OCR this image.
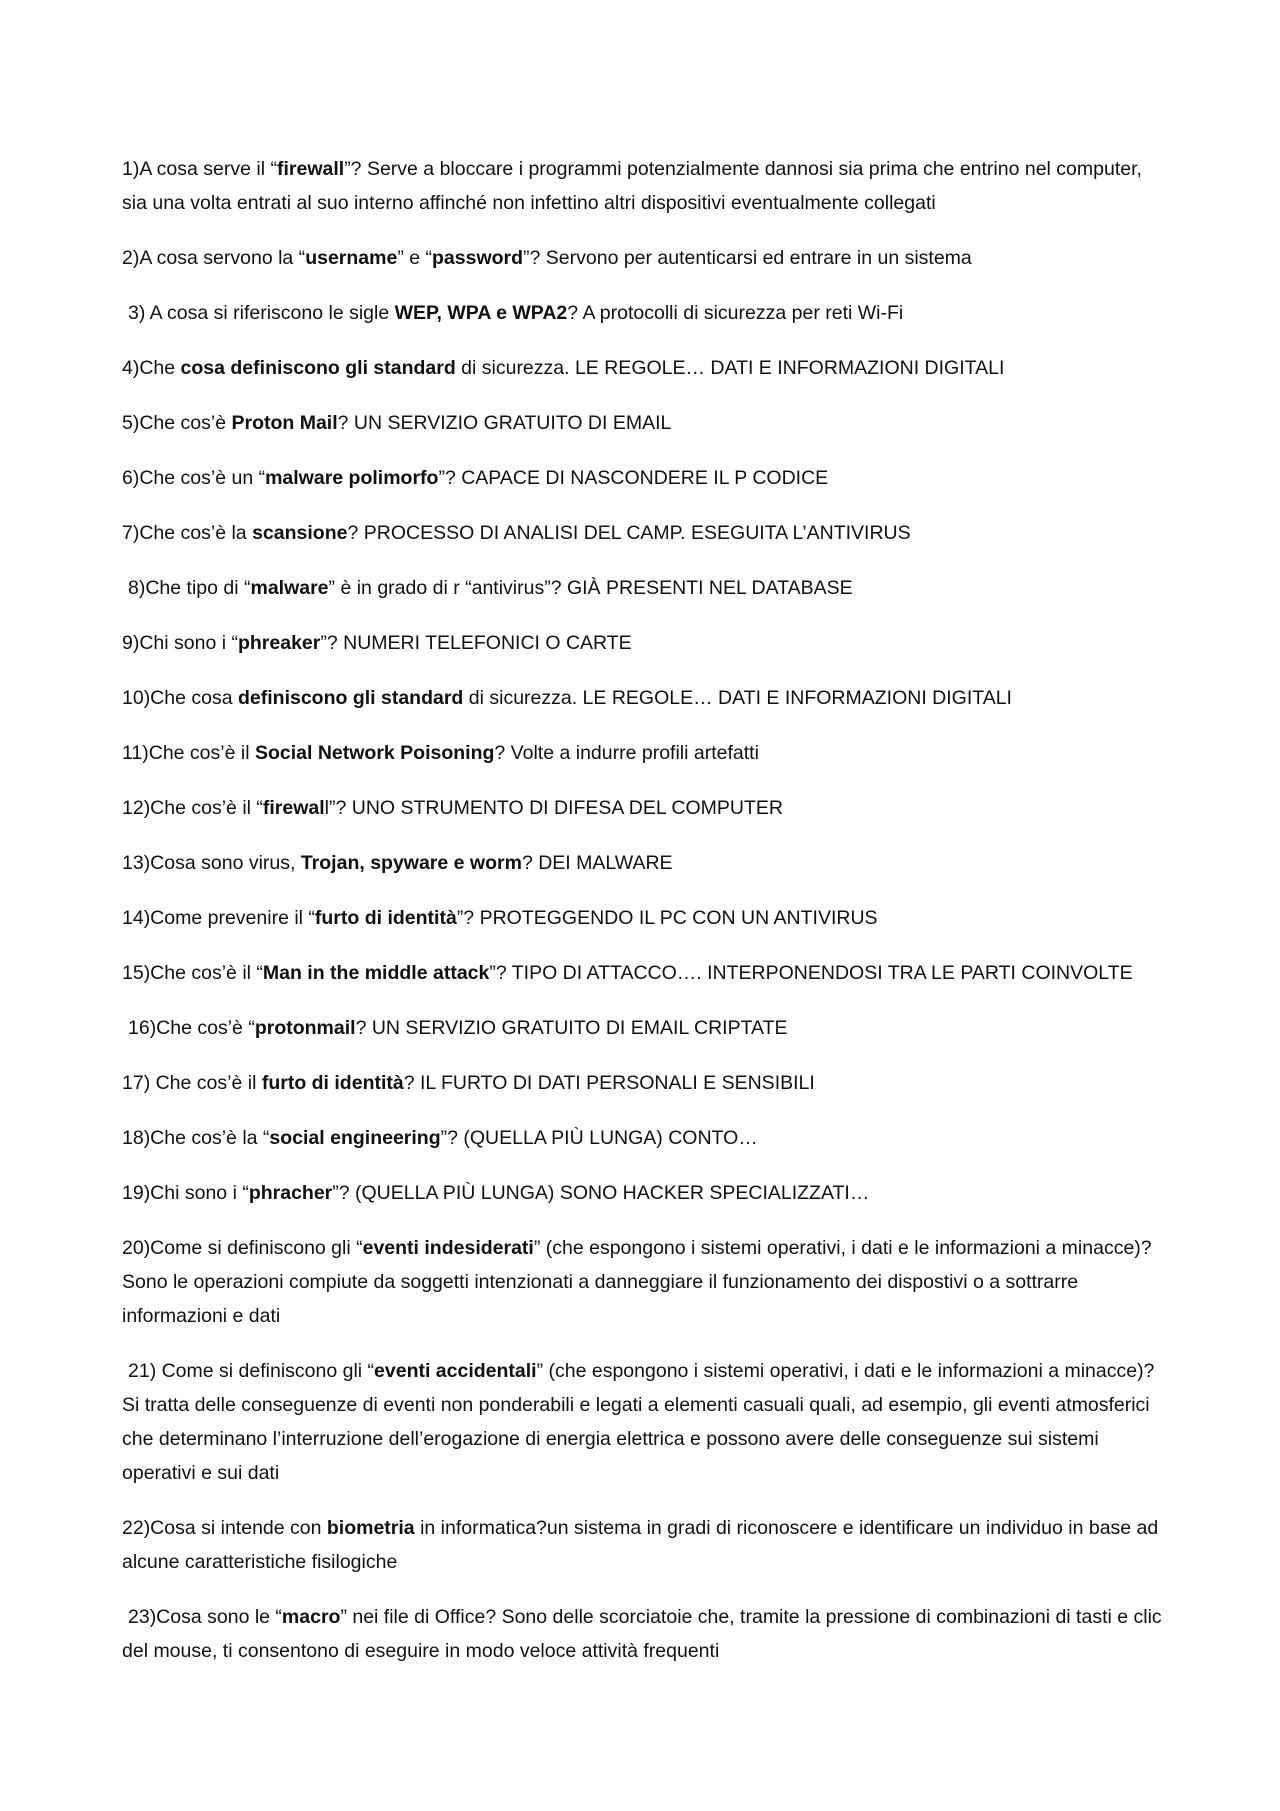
1)A cosa serve il “firewall”? Serve a bloccare i programmi potenzialmente dannosi sia prima che entrino nel computer, sia una volta entrati al suo interno affinché non infettino altri dispositivi eventualmente collegati

2)A cosa servono la “username” e “password”? Servono per autenticarsi ed entrare in un sistema

3) A cosa si riferiscono le sigle WEP, WPA e WPA2? A protocolli di sicurezza per reti Wi-Fi

4)Che cosa definiscono gli standard di sicurezza. LE REGOLE… DATI E INFORMAZIONI DIGITALI

5)Che cos’è Proton Mail? UN SERVIZIO GRATUITO DI EMAIL

6)Che cos’è un “malware polimorfo”? CAPACE DI NASCONDERE IL P CODICE

7)Che cos’è la scansione? PROCESSO DI ANALISI DEL CAMP. ESEGUITA L’ANTIVIRUS

8)Che tipo di “malware” è in grado di r “antivirus”? GIÀ PRESENTI NEL DATABASE

9)Chi sono i “phreaker”? NUMERI TELEFONICI O CARTE

10)Che cosa definiscono gli standard di sicurezza. LE REGOLE… DATI E INFORMAZIONI DIGITALI

11)Che cos’è il Social Network Poisoning? Volte a indurre profili artefatti

12)Che cos’è il “firewall”? UNO STRUMENTO DI DIFESA DEL COMPUTER

13)Cosa sono virus, Trojan, spyware e worm? DEI MALWARE

14)Come prevenire il “furto di identità”? PROTEGGENDO IL PC CON UN ANTIVIRUS

15)Che cos’è il “Man in the middle attack”? TIPO DI ATTACCO…. INTERPONENDOSI TRA LE PARTI COINVOLTE

16)Che cos’è “protonmail? UN SERVIZIO GRATUITO DI EMAIL CRIPTATE

17) Che cos’è il furto di identità? IL FURTO DI DATI PERSONALI E SENSIBILI

18)Che cos’è la “social engineering”? (QUELLA PIÙ LUNGA) CONTO…

19)Chi sono i “phracher”? (QUELLA PIÙ LUNGA) SONO HACKER SPECIALIZZATI…

20)Come si definiscono gli “eventi indesiderati” (che espongono i sistemi operativi, i dati e le informazioni a minacce)? Sono le operazioni compiute da soggetti intenzionati a danneggiare il funzionamento dei dispostivi o a sottrarre informazioni e dati

21) Come si definiscono gli “eventi accidentali” (che espongono i sistemi operativi, i dati e le informazioni a minacce)? Si tratta delle conseguenze di eventi non ponderabili e legati a elementi casuali quali, ad esempio, gli eventi atmosferici che determinano l’interruzione dell’erogazione di energia elettrica e possono avere delle conseguenze sui sistemi operativi e sui dati

22)Cosa si intende con biometria in informatica?un sistema in gradi di riconoscere e identificare un individuo in base ad alcune caratteristiche fisilogiche

23)Cosa sono le “macro” nei file di Office? Sono delle scorciatoie che, tramite la pressione di combinazioni di tasti e clic del mouse, ti consentono di eseguire in modo veloce attività frequenti
